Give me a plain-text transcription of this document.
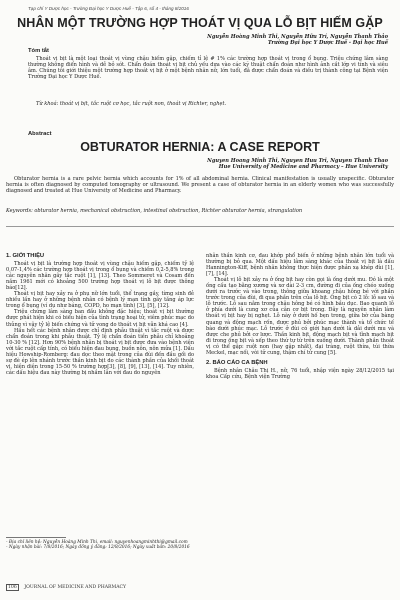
Tạp chí Y Dược học - Trường Đại học Y Dược Huế - Tập 6, số 4 - tháng 8/2016
NHÂN MỘT TRƯỜNG HỢP THOÁT VỊ QUA LỖ BỊT HIẾM GẶP
Nguyễn Hoàng Minh Thi, Nguyễn Hữu Trí, Nguyễn Thanh Thảo
Trường Đại học Y Dược Huế - Đại học Huế
Tóm tắt
Thoát vị bịt là một loại thoát vị vùng chậu hiếm gặp, chiếm tỉ lệ # 1% các trường hợp thoát vị trong ổ bụng. Triệu chứng lâm sàng thường không điển hình và dễ bỏ sót. Chẩn đoán thoát vị bịt chủ yếu dựa vào các kỹ thuật chẩn đoán như hình ảnh cắt lớp vi tính và siêu âm. Chúng tôi giới thiệu một trường hợp thoát vị bịt ở một bệnh nhân nữ, lớn tuổi, đã được chẩn đoán và điều trị thành công tại Bệnh viện Trường Đại học Y Dược Huế.
Từ khoá: thoát vị bịt, tắc ruột cơ học, tắc ruột non, thoát vị Richter, nghẹt.
Abstract
OBTURATOR HERNIA: A CASE REPORT
Nguyen Hoang Minh Thi, Nguyen Huu Tri, Nguyen Thanh Thao
Hue University of Medicine and Pharmacy – Hue University
Obturator hernia is a rare pelvic hernia which accounts for 1% of all abdominal hernia. Clinical manifestation is usually unspecific. Obturator hernia is often diagnosed by computed tomography or ultrasound. We present a case of obturator hernia in an elderly women who was successfully diagnosed and treated at Hue University of Medicine and Pharmacy.
Keywords: obturator hernia, mechanical obstruction, intestinal obstruction, Richter obturator hernia, strangulation
1. GIỚI THIỆU

Thoát vị bịt là trường hợp thoát vị vùng chậu hiếm gặp, chiếm tỷ lệ 0,07-1,4% các trường hợp thoát vị trong ổ bụng và chiếm 0,2-5,8% trong các nguyên nhân gây tắc ruột [1], [13]. Theo Sommeret và Cosam đến năm 1961 mới có khoảng 500 trường hợp thoát vị lỗ bịt được thông báo[12].

Thoát vị bịt hay xảy ra ở phụ nữ lớn tuổi, thể trạng gầy, từng sinh đẻ nhiều lần hay ở những bệnh nhân có bệnh lý mạn tính gây tăng áp lực trong ổ bụng (ví dụ như báng, COPD, ho mạn tính) [3], [5], [12].

Triệu chứng lâm sàng ban đầu không đặc hiệu; thoát vị bịt thường được phát hiện khi có biểu hiện của tình trạng hoại tử, viêm phúc mạc do thủng vì vậy tỷ lệ biến chứng và tử vong do thoát vị bịt vẫn khá cao [4].

Hầu hết các bệnh nhân được chỉ định phẫu thuật vì tắc ruột và được chẩn đoán trong khi phẫu thuật. Tỷ lệ chẩn đoán tiền phẫu chỉ khoảng 10-30 % [12]. Hơn 90% bệnh nhân bị thoát vị bịt được đưa vào bệnh viện với tắc ruột cấp tính, có biểu hiện đau bụng, buồn nôn, nôn mửa [1]. Dấu hiệu Howship-Romberg: đau dọc theo mặt trong của đùi đến đầu gối do sự đè ép lên nhánh trước thần kinh bịt do các thành phần của khối thoát vị, hiện diện trong 15-50 % trường hợp[3], [8], [9], [13], [14]. Tuy nhiên, các dấu hiệu đau này thường bị nhầm lẫn với đau do nguyên

nhân thần kinh cơ, đau khớp phổ biến ở những bệnh nhân lớn tuổi và thường bị bỏ qua. Một dấu hiệu lâm sàng khác của thoát vị bịt là dấu Hannington-Kiff, bệnh nhân không thực hiện được phản xạ khép đùi [1], [7], [14].

Thoát vị lỗ bịt xảy ra ở ống bịt hay còn gọi là ống dưới mu. Đó là một ống cấu tạo bằng xương và xơ dài 2-3 cm, đường đi của ống chéo xuống dưới ra trước và vào trong, thông giữa khoang chậu hông bé với phần trước trong của đùi, đi qua phần trên của lỗ bịt. Ống bịt có 2 lỗ: lỗ sau và lỗ trước. Lỗ sau nằm trong chậu hông bé có hình bầu dục. Bao quanh lỗ ở phía dưới là cung xơ của cân cơ bịt trong. Đây là nguyên nhân làm thoát vị bịt hay bị nghẹt. Lỗ này ở dưới hố bẹn trong, giữa bờ của bàng quang và động mạch rốn, được phủ bởi phúc mạc thành và tổ chức tế bào dưới phúc mạc. Lỗ trước ở đùi có giới hạn dưới là dải dưới mu và được che phủ bởi cơ lược. Thần kinh bịt, động mạch bịt và tĩnh mạch bịt đi trong ống bịt và xếp theo thứ tự từ trên xuống dưới. Thành phần thoát vị có thể gặp: ruột non (hay gặp nhất), đại tràng, ruột thừa, túi thừa Meckel, mạc nối, vòi tử cung, thậm chí tử cung [5].

2. BÁO CÁO CA BỆNH

Bệnh nhân Châu Thị H., nữ, 76 tuổi, nhập viện ngày 28/12/2015 tại khoa Cấp cứu, Bệnh viện Trường

- Địa chỉ liên hệ: Nguyễn Hoàng Minh Thi, email: nguyenhoangminhthi@gmail.com
- Ngày nhận bài: 7/8/2016; Ngày đồng ý đăng: 12/8/2016; Ngày xuất bản: 20/8/2016
106 JOURNAL OF MEDICINE AND PHARMACY
